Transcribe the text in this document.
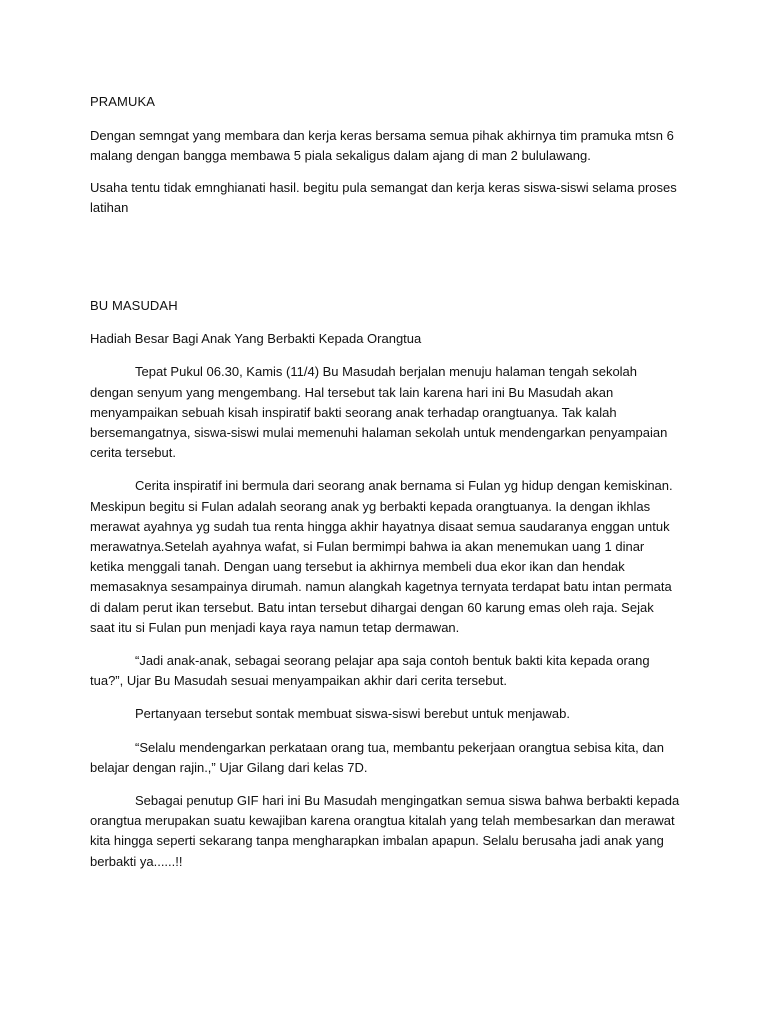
PRAMUKA

Dengan semngat yang membara dan kerja keras bersama semua pihak akhirnya tim pramuka mtsn 6 malang dengan bangga membawa 5 piala sekaligus dalam ajang di man 2 bululawang.

Usaha tentu tidak emnghianati hasil. begitu pula semangat dan kerja keras siswa-siswi selama proses latihan

BU MASUDAH

Hadiah Besar Bagi Anak Yang Berbakti Kepada Orangtua

Tepat Pukul 06.30, Kamis (11/4) Bu Masudah berjalan menuju halaman tengah sekolah dengan senyum yang mengembang. Hal tersebut tak lain karena hari ini Bu Masudah akan menyampaikan sebuah kisah inspiratif bakti seorang anak terhadap orangtuanya. Tak kalah bersemangatnya, siswa-siswi mulai memenuhi halaman sekolah untuk mendengarkan penyampaian cerita tersebut.

Cerita inspiratif ini bermula dari seorang anak bernama si Fulan yg hidup dengan kemiskinan. Meskipun begitu si Fulan adalah seorang anak yg berbakti kepada orangtuanya. Ia dengan ikhlas merawat ayahnya yg sudah tua renta hingga akhir hayatnya disaat semua saudaranya enggan untuk merawatnya.Setelah ayahnya wafat, si Fulan bermimpi bahwa ia akan menemukan uang 1 dinar ketika menggali tanah. Dengan uang tersebut ia akhirnya membeli dua ekor ikan dan hendak memasaknya sesampainya dirumah. namun alangkah kagetnya ternyata terdapat batu intan permata di dalam perut ikan tersebut. Batu intan tersebut dihargai dengan 60 karung emas oleh raja. Sejak saat itu si Fulan pun menjadi kaya raya namun tetap dermawan.

“Jadi anak-anak, sebagai seorang pelajar apa saja contoh bentuk bakti kita kepada orang tua?”, Ujar Bu Masudah sesuai menyampaikan akhir dari cerita tersebut.

Pertanyaan tersebut sontak membuat siswa-siswi berebut untuk menjawab.

“Selalu mendengarkan perkataan orang tua, membantu pekerjaan orangtua sebisa kita, dan belajar dengan rajin.,” Ujar Gilang dari kelas 7D.

Sebagai penutup GIF hari ini Bu Masudah mengingatkan semua siswa bahwa berbakti kepada orangtua merupakan suatu kewajiban karena orangtua kitalah yang telah membesarkan dan merawat kita hingga seperti sekarang tanpa mengharapkan imbalan apapun. Selalu berusaha jadi anak yang berbakti ya......!!
